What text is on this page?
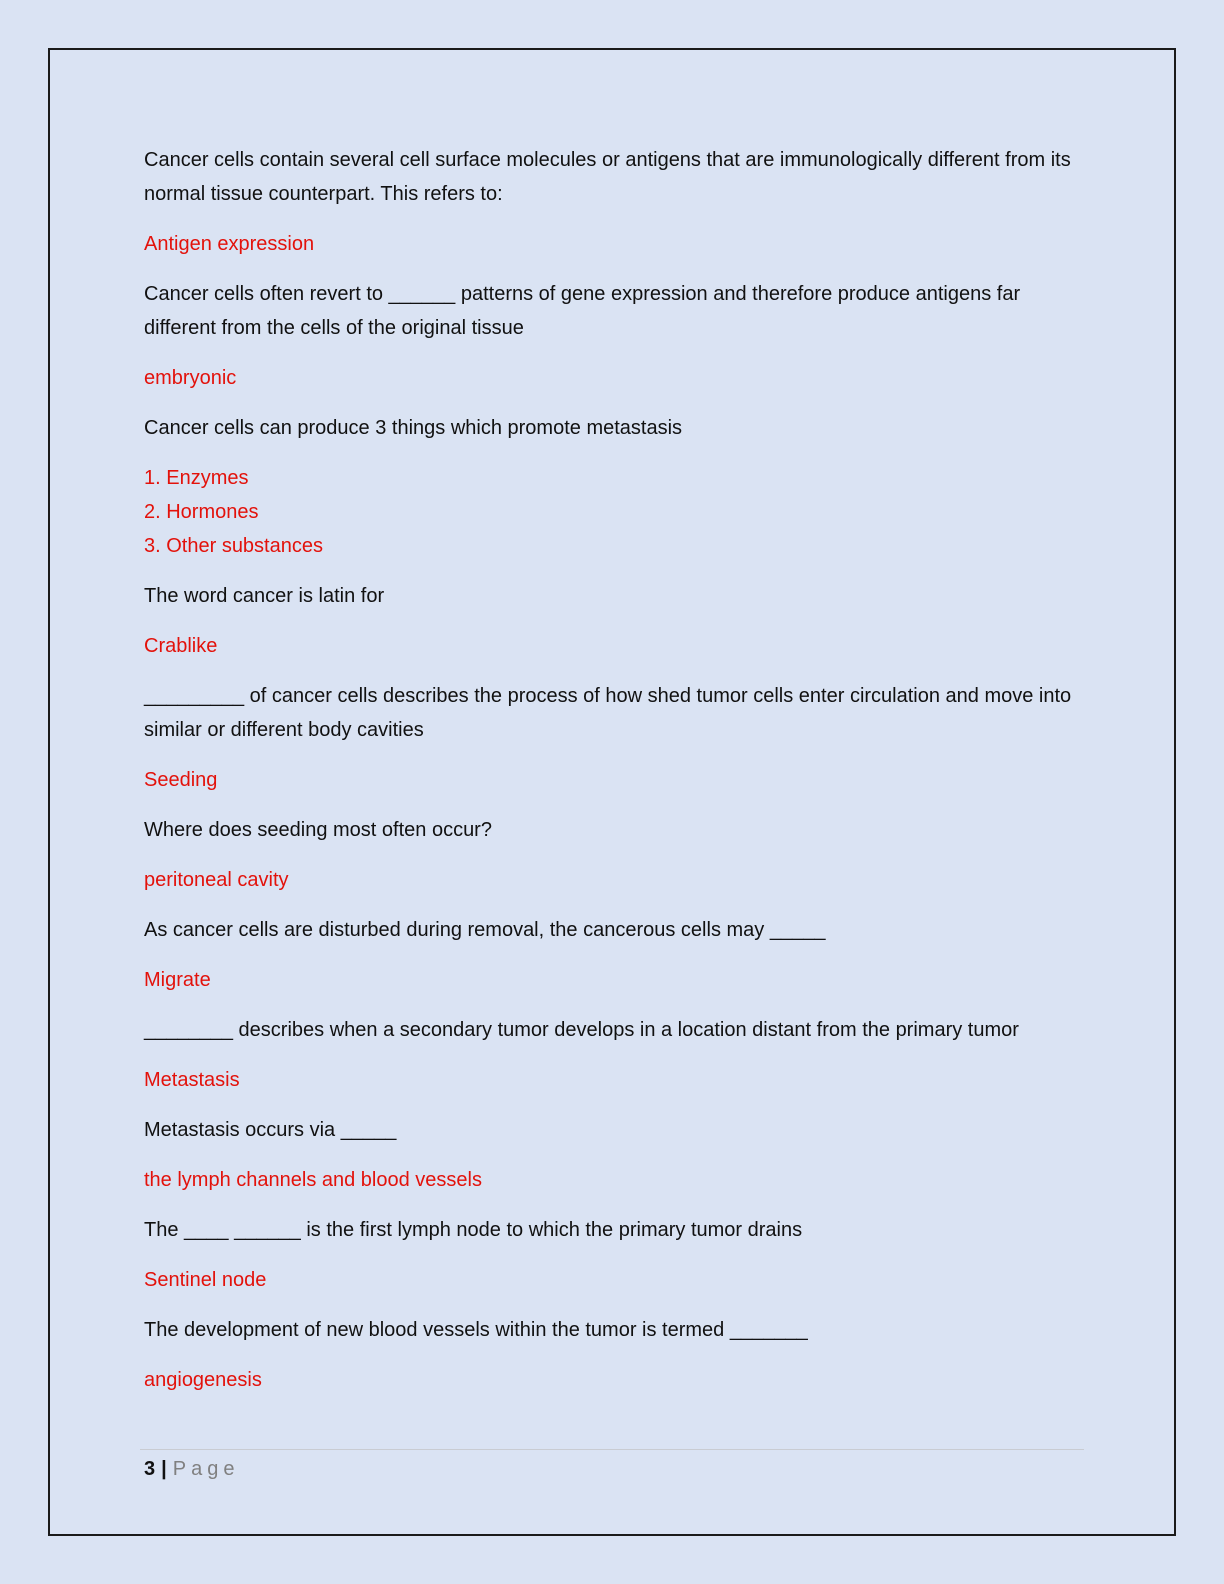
Cancer cells contain several cell surface molecules or antigens that are immunologically different from its normal tissue counterpart. This refers to:

Antigen expression

Cancer cells often revert to ______ patterns of gene expression and therefore produce antigens far different from the cells of the original tissue

embryonic

Cancer cells can produce 3 things which promote metastasis

1. Enzymes
2. Hormones
3. Other substances

The word cancer is latin for

Crablike

_________ of cancer cells describes the process of how shed tumor cells enter circulation and move into similar or different body cavities

Seeding

Where does seeding most often occur?

peritoneal cavity

As cancer cells are disturbed during removal, the cancerous cells may _____

Migrate

________ describes when a secondary tumor develops in a location distant from the primary tumor

Metastasis

Metastasis occurs via _____

the lymph channels and blood vessels

The ____ ______ is the first lymph node to which the primary tumor drains

Sentinel node

The development of new blood vessels within the tumor is termed _______

angiogenesis

3 | Page
